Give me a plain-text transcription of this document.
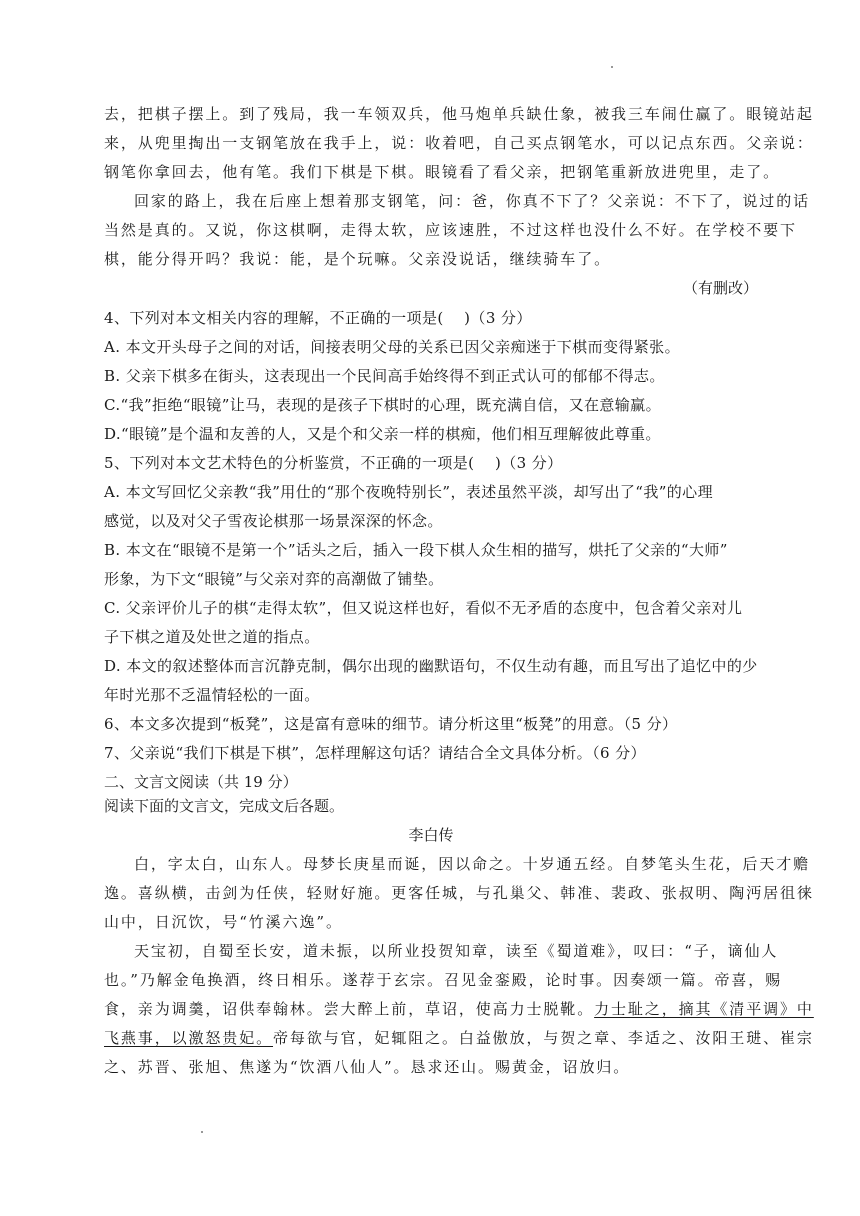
去，把棋子摆上。到了残局，我一车领双兵，他马炮单兵缺仕象，被我三车闹仕赢了。眼镜站起
来，从兜里掏出一支钢笔放在我手上，说：收着吧，自己买点钢笔水，可以记点东西。父亲说：
钢笔你拿回去，他有笔。我们下棋是下棋。眼镜看了看父亲，把钢笔重新放进兜里，走了。
回家的路上，我在后座上想着那支钢笔，问：爸，你真不下了？父亲说：不下了，说过的话
当然是真的。又说，你这棋啊，走得太软，应该速胜，不过这样也没什么不好。在学校不要下
棋，能分得开吗？我说：能，是个玩嘛。父亲没说话，继续骑车了。
（有删改）
4、下列对本文相关内容的理解，不正确的一项是(　 )（3 分）
A. 本文开头母子之间的对话，间接表明父母的关系已因父亲痴迷于下棋而变得紧张。
B. 父亲下棋多在街头，这表现出一个民间高手始终得不到正式认可的郁郁不得志。
C.“我”拒绝“眼镜”让马，表现的是孩子下棋时的心理，既充满自信，又在意输赢。
D.“眼镜”是个温和友善的人，又是个和父亲一样的棋痴，他们相互理解彼此尊重。
5、下列对本文艺术特色的分析鉴赏，不正确的一项是(　 )（3 分）
A. 本文写回忆父亲教“我”用仕的“那个夜晚特别长”，表述虽然平淡，却写出了“我”的心理
感觉，以及对父子雪夜论棋那一场景深深的怀念。
B. 本文在“眼镜不是第一个”话头之后，插入一段下棋人众生相的描写，烘托了父亲的“大师”
形象，为下文“眼镜”与父亲对弈的高潮做了铺垫。
C. 父亲评价儿子的棋“走得太软”，但又说这样也好，看似不无矛盾的态度中，包含着父亲对儿
子下棋之道及处世之道的指点。
D. 本文的叙述整体而言沉静克制，偶尔出现的幽默语句，不仅生动有趣，而且写出了追忆中的少
年时光那不乏温情轻松的一面。
6、本文多次提到“板凳”，这是富有意味的细节。请分析这里“板凳”的用意。（5 分）
7、父亲说“我们下棋是下棋”，怎样理解这句话？请结合全文具体分析。（6 分）
二、文言文阅读（共 19 分）
阅读下面的文言文，完成文后各题。
李白传
白，字太白，山东人。母梦长庚星而诞，因以命之。十岁通五经。自梦笔头生花，后天才赡
逸。喜纵横，击剑为任侠，轻财好施。更客任城，与孔巢父、韩准、裴政、张叔明、陶沔居徂徕
山中，日沉饮，号“竹溪六逸”。
天宝初，自蜀至长安，道未振，以所业投贺知章，读至《蜀道难》，叹曰：“子，谪仙人
也。”乃解金龟换酒，终日相乐。遂荐于玄宗。召见金銮殿，论时事。因奏颂一篇。帝喜，赐
食，亲为调羹，诏供奉翰林。尝大醉上前，草诏，使高力士脱靴。力士耻之，摘其《清平调》中
飞燕事，以激怒贵妃。帝每欲与官，妃辄阻之。白益傲放，与贺之章、李适之、汝阳王琎、崔宗
之、苏晋、张旭、焦遂为“饮酒八仙人”。恳求还山。赐黄金，诏放归。
